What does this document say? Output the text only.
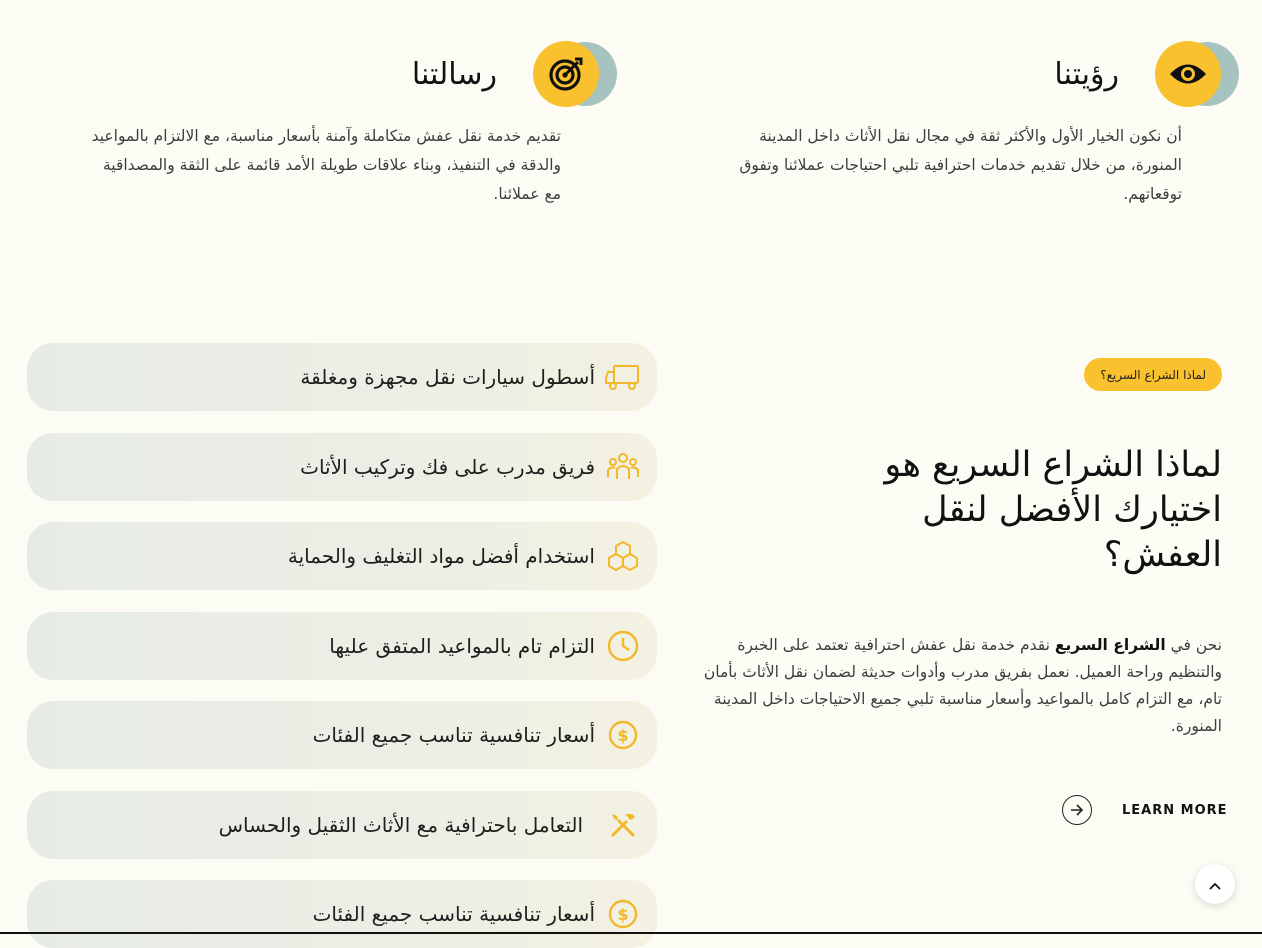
رؤيتنا
أن نكون الخيار الأول والأكثر ثقة في مجال نقل الأثاث داخل المدينة المنورة، من خلال تقديم خدمات احترافية تلبي احتياجات عملائنا وتفوق توقعاتهم.
رسالتنا
تقديم خدمة نقل عفش متكاملة وآمنة بأسعار مناسبة، مع الالتزام بالمواعيد والدقة في التنفيذ، وبناء علاقات طويلة الأمد قائمة على الثقة والمصداقية مع عملائنا.
أسطول سيارات نقل مجهزة ومغلقة
فريق مدرب على فك وتركيب الأثاث
استخدام أفضل مواد التغليف والحماية
التزام تام بالمواعيد المتفق عليها
$
أسعار تنافسية تناسب جميع الفئات
التعامل باحترافية مع الأثاث الثقيل والحساس
$
أسعار تنافسية تناسب جميع الفئات
لماذا الشراع السريع؟
لماذا الشراع السريع هو اختيارك الأفضل لنقل العفش؟
نحن في الشراع السريع نقدم خدمة نقل عفش احترافية تعتمد على الخبرة والتنظيم وراحة العميل. نعمل بفريق مدرب وأدوات حديثة لضمان نقل الأثاث بأمان تام، مع التزام كامل بالمواعيد وأسعار مناسبة تلبي جميع الاحتياجات داخل المدينة المنورة.
LEARN MORE
